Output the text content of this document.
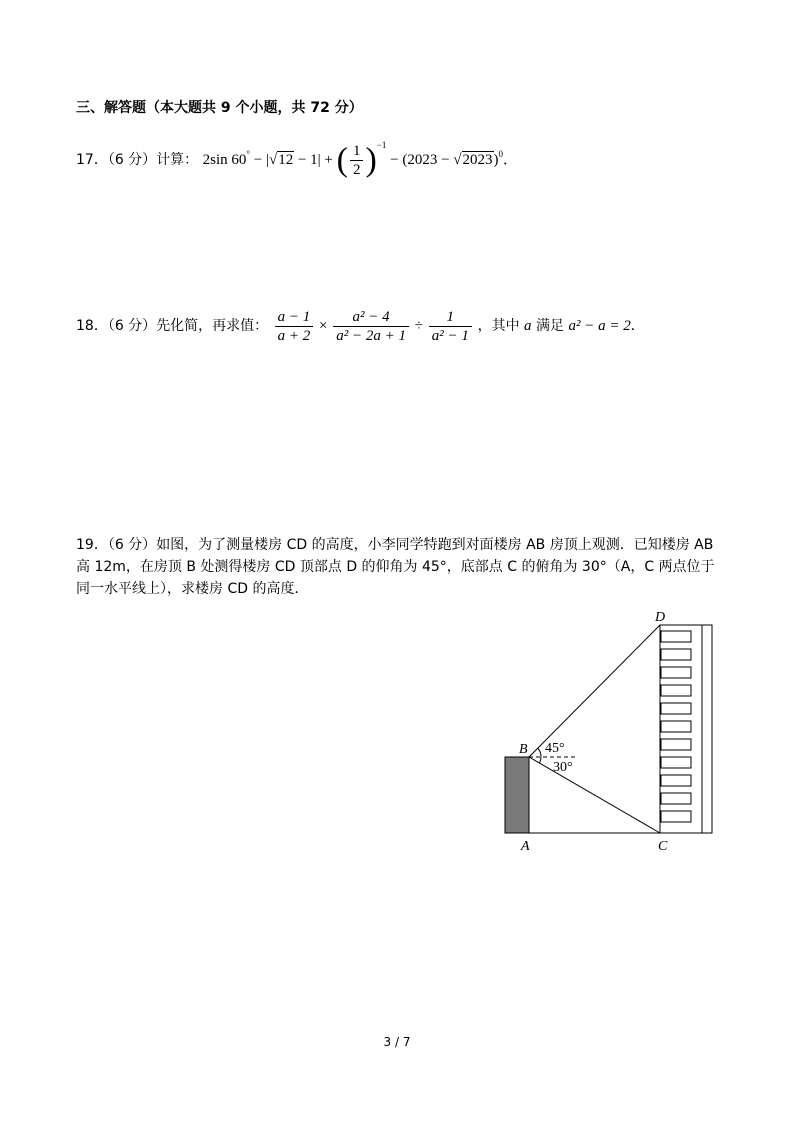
三、解答题（本大题共 9 个小题，共 72 分）
17．（6 分）计算： 2sin 60° − |√12 − 1| + ( $\frac{1}{2} )^{-1} - (2023 - √2023)^0$．
18．（6 分）先化简，再求值： $\frac{a - 1}{a + 2} \times \frac{\text{a² − 4}}{\text{a² − 2a + 1}} \div \frac{1}{\text{a² − 1}}$ ，其中 a 满足 a² − a = 2．
19．（6 分）如图，为了测量楼房 CD 的高度，小李同学特跑到对面楼房 AB 房顶上观测．已知楼房 AB 高 12m，在房顶 B 处测得楼房 CD 顶部点 D 的仰角为 45°，底部点 C 的俯角为 30°（A，C 两点位于同一水平线上），求楼房 CD 的高度．
B
A	C
D
45°
30°
3 / 7
